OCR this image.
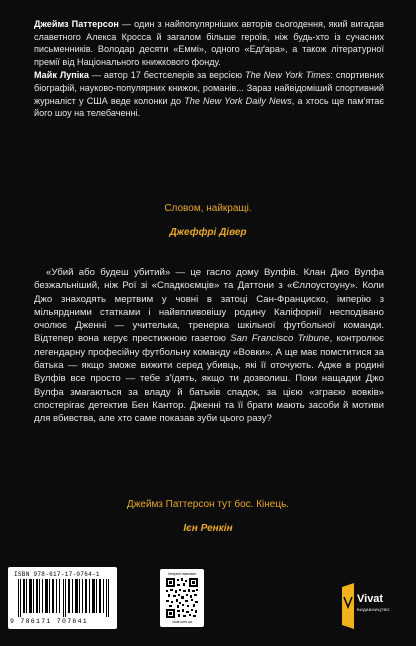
Джеймз Паттерсон — один з найпопулярніших авторів сьогодення, який вигадав славетного Алекса Кросса й загалом більше героїв, ніж будь-хто із сучасних письменників. Володар десяти «Еммі», одного «Едґара», а також літературної премії від Національного книжкового фонду.

Майк Лупіка — автор 17 бестселерів за версією The New York Times: спортивних біографій, науково-популярних книжок, романів... Зараз найвідоміший спортивний журналіст у США веде колонки до The New York Daily News, а хтось ще пам'ятає його шоу на телебаченні.

Словом, найкращі.
Джеффрі Дівер
«Убий або будеш убитий» — це гасло дому Вулфів. Клан Джо Вулфа безжальніший, ніж Рої зі «Спадкоємців» та Даттони з «Єллоустоуну». Коли Джо знаходять мертвим у човні в затоці Сан-Франциско, імперію з мільярдними статками і найвпливовішу родину Каліфорнії несподівано очолює Дженні — учителька, тренерка шкільної футбольної команди. Відтепер вона керує престижною газетою San Francisco Tribune, контролює легендарну професійну футбольну команду «Вовки». А ще має помститися за батька — якщо зможе вижити серед убивць, які її оточують. Адже в родині Вулфів все просто — тебе з'їдять, якщо ти дозволиш. Поки нащадки Джо Вулфа змагаються за владу й батьків спадок, за цією «зграєю вовків» спостерігає детектив Бен Кантор. Дженні та її брати мають засоби й мотиви для вбивства, але хто саме показав зуби цього разу?
Джеймз Паттерсон тут бос. Кінець.
Ієн Ренкін
ISBN 978-617-17-0764-1
9 786171 707641
Інтернет-магазин
vivat.com.ua
Vivat
ВИДАВНИЦТВО
